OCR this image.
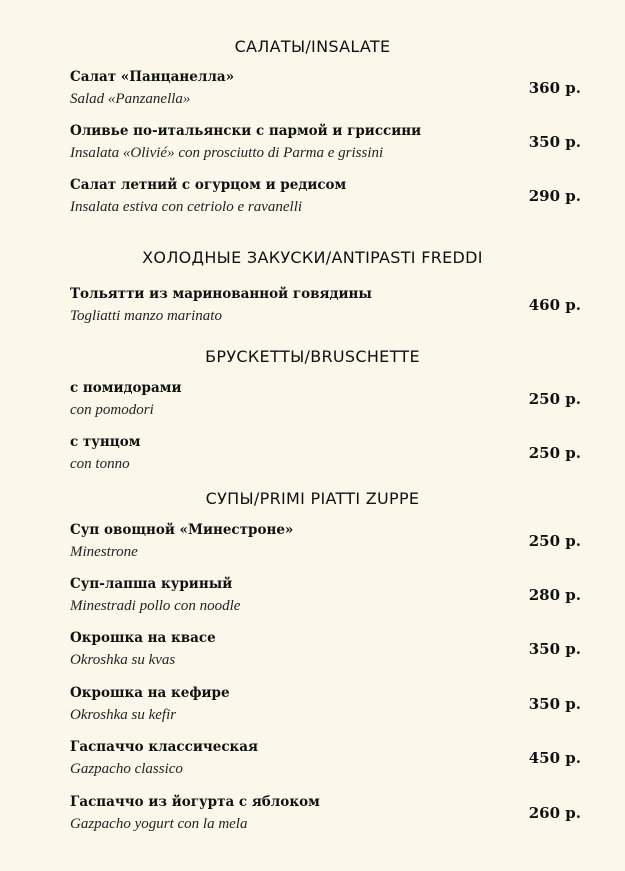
САЛАТЫ/INSALATE
Салат «Панцанелла»
Salad «Panzanella»
360 р.
Оливье по-итальянски с пармой и гриссини
Insalata «Olivié» con prosciutto di Parma e grissini
350 р.
Салат летний с огурцом и редисом
Insalata estiva con cetriolo e ravanelli
290 р.
ХОЛОДНЫЕ ЗАКУСКИ/ANTIPASTI FREDDI
Тольятти из маринованной говядины
Togliatti manzo marinato
460 р.
БРУСКЕТТЫ/BRUSCHETTE
с помидорами
con pomodori
250 р.
с тунцом
con tonno
250 р.
СУПЫ/PRIMI PIATTI ZUPPE
Суп овощной «Минестроне»
Minestrone
250 р.
Суп-лапша куриный
Minestradi pollo con noodle
280 р.
Окрошка на квасе
Okroshka su kvas
350 р.
Окрошка на кефире
Okroshka su kefir
350 р.
Гаспаччо классическая
Gazpacho classico
450 р.
Гаспаччо из йогурта с яблоком
Gazpacho yogurt con la mela
260 р.
